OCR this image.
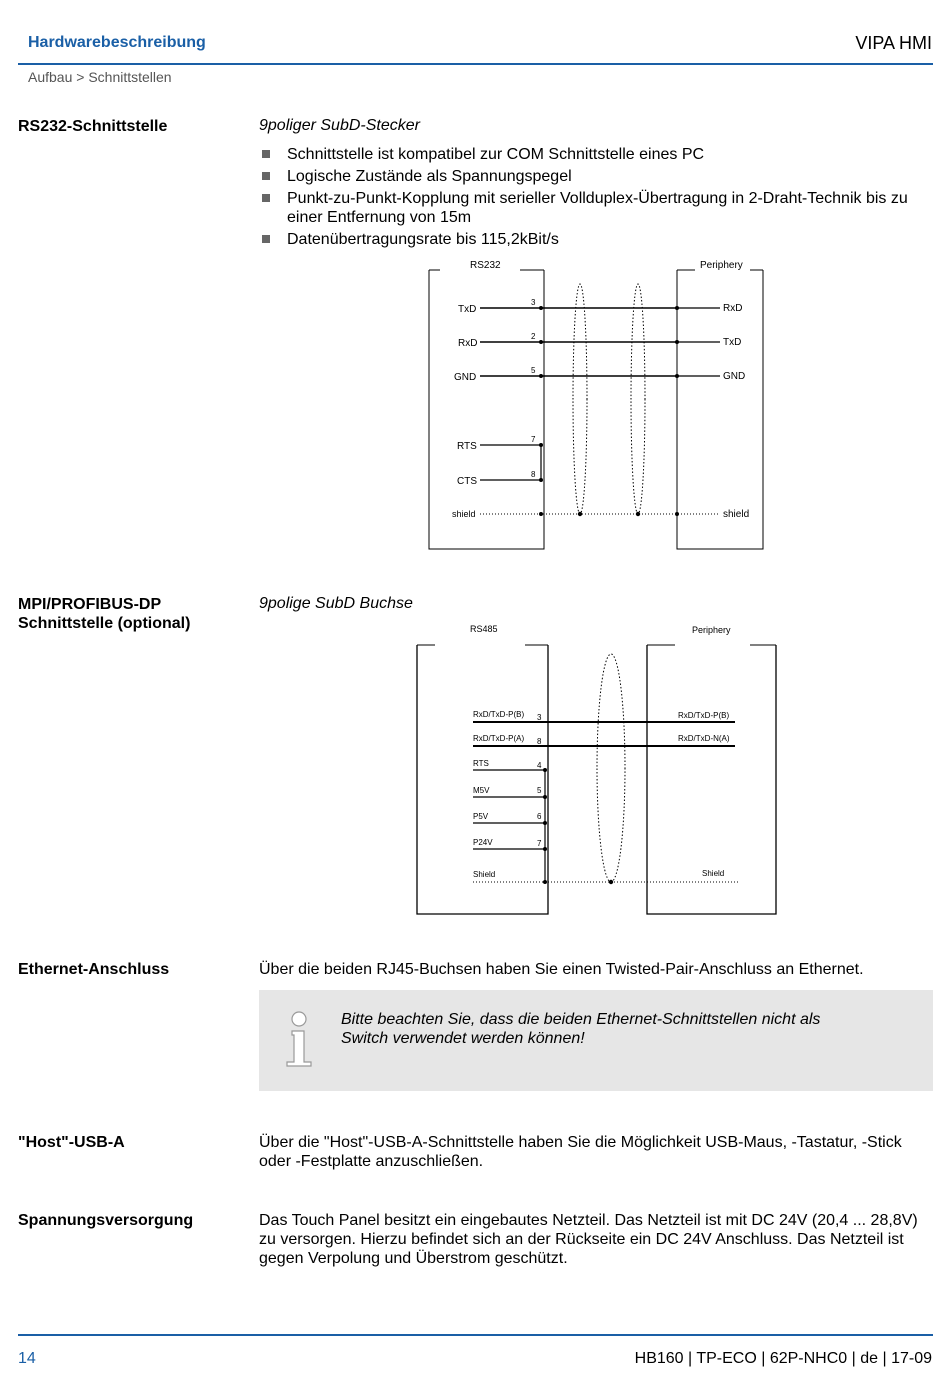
Hardwarebeschreibung	VIPA HMI
Aufbau > Schnittstellen
RS232-Schnittstelle	9poliger SubD-Stecker
Schnittstelle ist kompatibel zur COM Schnittstelle eines PC
Logische Zustände als Spannungspegel
Punkt-zu-Punkt-Kopplung mit serieller Vollduplex-Übertragung in 2-Draht-Technik bis zu einer Entfernung von 15m
Datenübertragungsrate bis 115,2kBit/s
RS232	Periphery
TxD
RxD
GND
RTS
CTS
shield
3
2
5
7
8
RxD
TxD
GND
shield
MPI/PROFIBUS-DP
Schnittstelle (optional)
9polige SubD Buchse
RS485	Periphery
RxD/TxD-P(B)
RxD/TxD-P(A)
RTS
M5V
P5V
P24V
Shield
3
8
4
5
6
7
RxD/TxD-P(B)
RxD/TxD-N(A)
Shield
Ethernet-Anschluss	Über die beiden RJ45-Buchsen haben Sie einen Twisted-Pair-Anschluss an Ethernet.
Bitte beachten Sie, dass die beiden Ethernet-Schnittstellen nicht als
Switch verwendet werden können!
"Host"-USB-A	Über die "Host"-USB-A-Schnittstelle haben Sie die Möglichkeit USB-Maus, -Tastatur, -Stick oder -Festplatte anzuschließen.
Spannungsversorgung	Das Touch Panel besitzt ein eingebautes Netzteil. Das Netzteil ist mit DC 24V (20,4 ... 28,8V) zu versorgen. Hierzu befindet sich an der Rückseite ein DC 24V Anschluss. Das Netzteil ist gegen Verpolung und Überstrom geschützt.
14	HB160 | TP-ECO | 62P-NHC0 | de | 17-09
